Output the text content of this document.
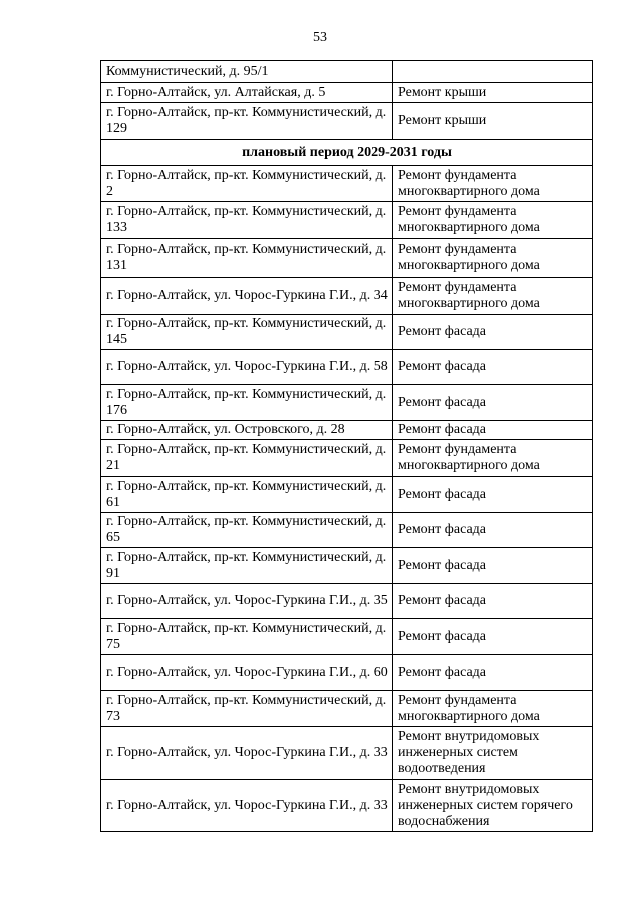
53
Коммунистический, д. 95/1	
г. Горно-Алтайск, ул. Алтайская, д. 5	Ремонт крыши
г. Горно-Алтайск, пр-кт. Коммунистический, д. 129	Ремонт крыши
плановый период 2029-2031 годы	
г. Горно-Алтайск, пр-кт. Коммунистический, д. 2	Ремонт фундамента многоквартирного дома
г. Горно-Алтайск, пр-кт. Коммунистический, д. 133	Ремонт фундамента многоквартирного дома
г. Горно-Алтайск, пр-кт. Коммунистический, д. 131	Ремонт фундамента многоквартирного дома
г. Горно-Алтайск, ул. Чорос-Гуркина Г.И., д. 34	Ремонт фундамента многоквартирного дома
г. Горно-Алтайск, пр-кт. Коммунистический, д. 145	Ремонт фасада
г. Горно-Алтайск, ул. Чорос-Гуркина Г.И., д. 58	Ремонт фасада
г. Горно-Алтайск, пр-кт. Коммунистический, д. 176	Ремонт фасада
г. Горно-Алтайск, ул. Островского, д. 28	Ремонт фасада
г. Горно-Алтайск, пр-кт. Коммунистический, д. 21	Ремонт фундамента многоквартирного дома
г. Горно-Алтайск, пр-кт. Коммунистический, д. 61	Ремонт фасада
г. Горно-Алтайск, пр-кт. Коммунистический, д. 65	Ремонт фасада
г. Горно-Алтайск, пр-кт. Коммунистический, д. 91	Ремонт фасада
г. Горно-Алтайск, ул. Чорос-Гуркина Г.И., д. 35	Ремонт фасада
г. Горно-Алтайск, пр-кт. Коммунистический, д. 75	Ремонт фасада
г. Горно-Алтайск, ул. Чорос-Гуркина Г.И., д. 60	Ремонт фасада
г. Горно-Алтайск, пр-кт. Коммунистический, д. 73	Ремонт фундамента многоквартирного дома
г. Горно-Алтайск, ул. Чорос-Гуркина Г.И., д. 33	Ремонт внутридомовых инженерных систем водоотведения
г. Горно-Алтайск, ул. Чорос-Гуркина Г.И., д. 33	Ремонт внутридомовых инженерных систем горячего водоснабжения
